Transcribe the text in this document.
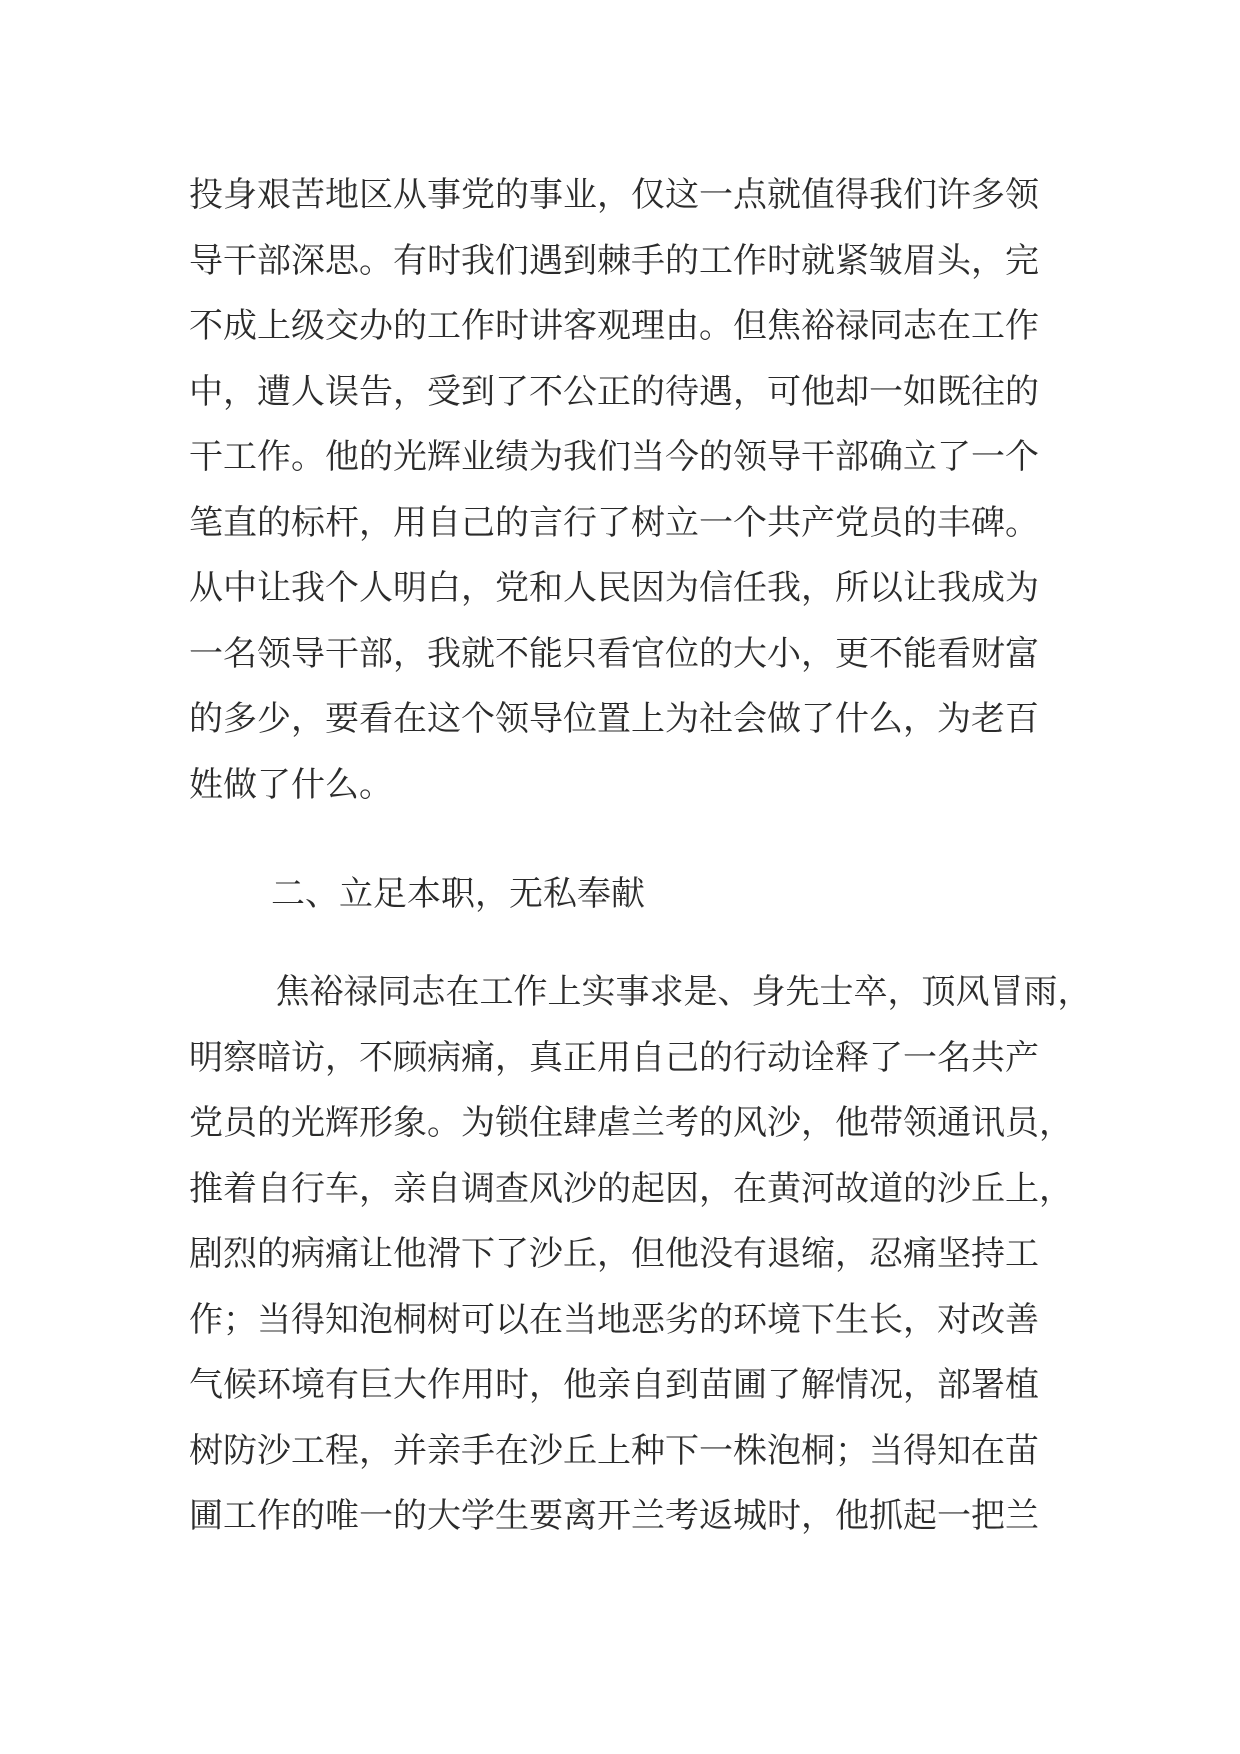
投身艰苦地区从事党的事业，仅这一点就值得我们许多领
导干部深思。有时我们遇到棘手的工作时就紧皱眉头，完
不成上级交办的工作时讲客观理由。但焦裕禄同志在工作
中，遭人误告，受到了不公正的待遇，可他却一如既往的
干工作。他的光辉业绩为我们当今的领导干部确立了一个
笔直的标杆，用自己的言行了树立一个共产党员的丰碑。
从中让我个人明白，党和人民因为信任我，所以让我成为
一名领导干部，我就不能只看官位的大小，更不能看财富
的多少，要看在这个领导位置上为社会做了什么，为老百
姓做了什么。
二、立足本职，无私奉献
焦裕禄同志在工作上实事求是、身先士卒，顶风冒雨，
明察暗访，不顾病痛，真正用自己的行动诠释了一名共产
党员的光辉形象。为锁住肆虐兰考的风沙，他带领通讯员，
推着自行车，亲自调查风沙的起因，在黄河故道的沙丘上，
剧烈的病痛让他滑下了沙丘，但他没有退缩，忍痛坚持工
作；当得知泡桐树可以在当地恶劣的环境下生长，对改善
气候环境有巨大作用时，他亲自到苗圃了解情况，部署植
树防沙工程，并亲手在沙丘上种下一株泡桐；当得知在苗
圃工作的唯一的大学生要离开兰考返城时，他抓起一把兰
